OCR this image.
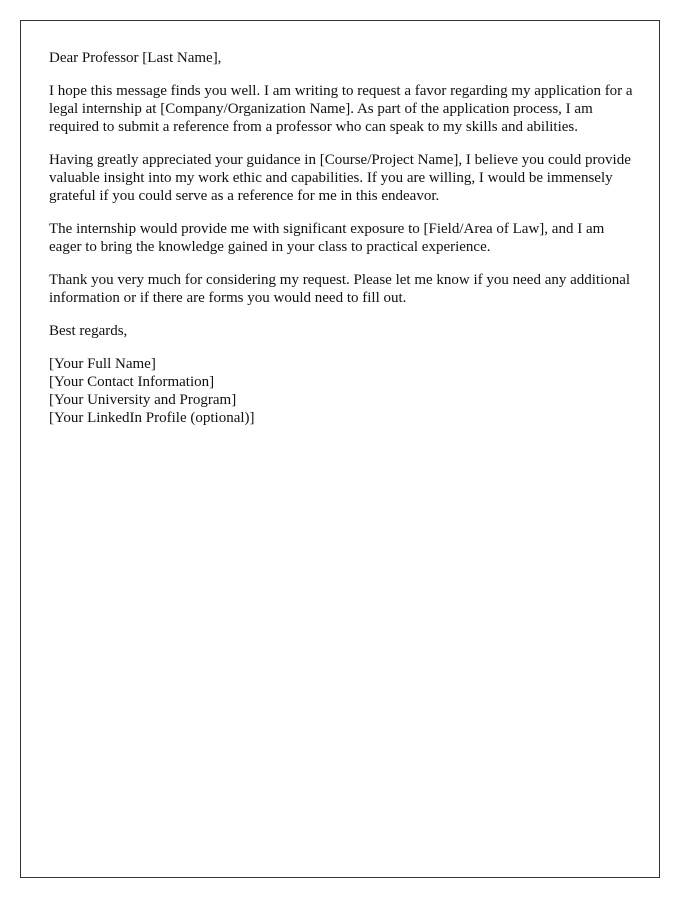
Dear Professor [Last Name],

I hope this message finds you well. I am writing to request a favor regarding my application for a legal internship at [Company/Organization Name]. As part of the application process, I am required to submit a reference from a professor who can speak to my skills and abilities.

Having greatly appreciated your guidance in [Course/Project Name], I believe you could provide valuable insight into my work ethic and capabilities. If you are willing, I would be immensely grateful if you could serve as a reference for me in this endeavor.

The internship would provide me with significant exposure to [Field/Area of Law], and I am eager to bring the knowledge gained in your class to practical experience.

Thank you very much for considering my request. Please let me know if you need any additional information or if there are forms you would need to fill out.

Best regards,

[Your Full Name]
[Your Contact Information]
[Your University and Program]
[Your LinkedIn Profile (optional)]
